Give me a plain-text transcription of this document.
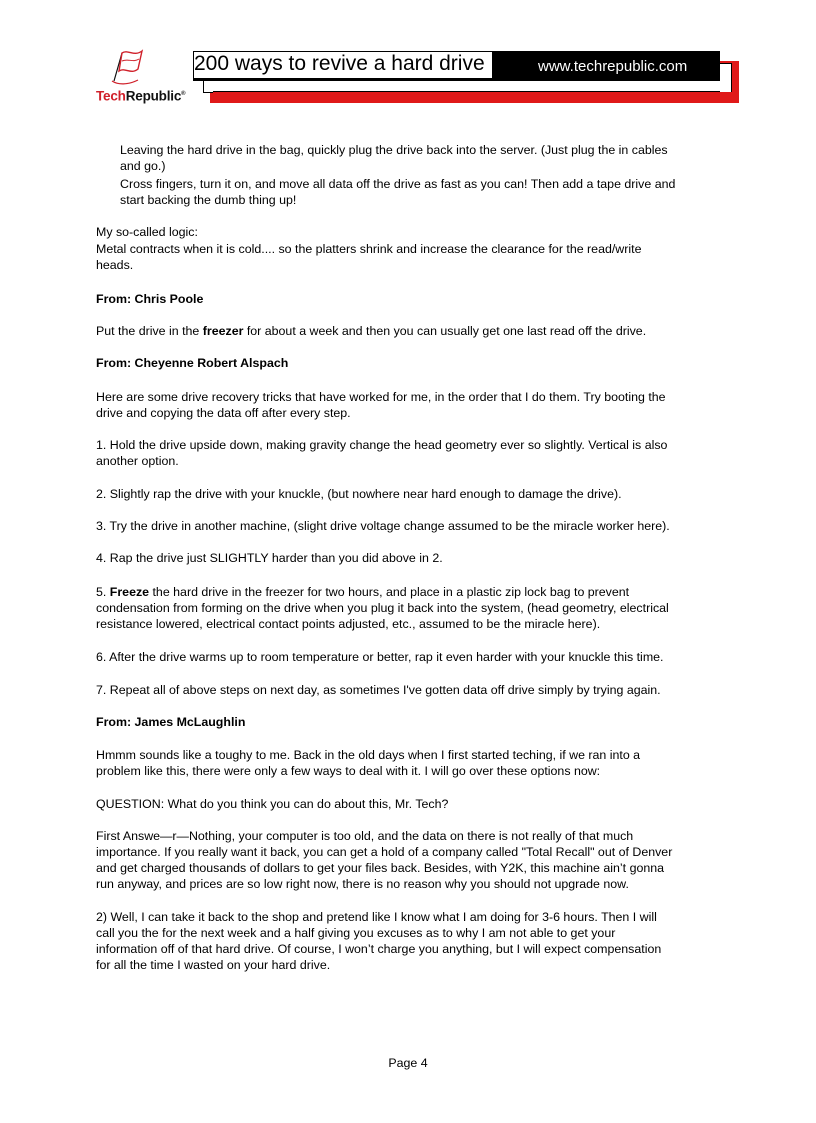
TechRepublic®
200 ways to revive a hard drive	www.techrepublic.com
Leaving the hard drive in the bag, quickly plug the drive back into the server. (Just plug the in cables
and go.)
Cross fingers, turn it on, and move all data off the drive as fast as you can! Then add a tape drive and
start backing the dumb thing up!
My so-called logic:
Metal contracts when it is cold.... so the platters shrink and increase the clearance for the read/write
heads.
From: Chris Poole
Put the drive in the freezer for about a week and then you can usually get one last read off the drive.
From: Cheyenne Robert Alspach
Here are some drive recovery tricks that have worked for me, in the order that I do them. Try booting the
drive and copying the data off after every step.
1. Hold the drive upside down, making gravity change the head geometry ever so slightly. Vertical is also
another option.
2. Slightly rap the drive with your knuckle, (but nowhere near hard enough to damage the drive).
3. Try the drive in another machine, (slight drive voltage change assumed to be the miracle worker here).
4. Rap the drive just SLIGHTLY harder than you did above in 2.
5. Freeze the hard drive in the freezer for two hours, and place in a plastic zip lock bag to prevent
condensation from forming on the drive when you plug it back into the system, (head geometry, electrical
resistance lowered, electrical contact points adjusted, etc., assumed to be the miracle here).
6. After the drive warms up to room temperature or better, rap it even harder with your knuckle this time.
7. Repeat all of above steps on next day, as sometimes I've gotten data off drive simply by trying again.
From: James McLaughlin
Hmmm sounds like a toughy to me. Back in the old days when I first started teching, if we ran into a
problem like this, there were only a few ways to deal with it. I will go over these options now:
QUESTION: What do you think you can do about this, Mr. Tech?
First Answe—r—Nothing, your computer is too old, and the data on there is not really of that much
importance. If you really want it back, you can get a hold of a company called "Total Recall" out of Denver
and get charged thousands of dollars to get your files back. Besides, with Y2K, this machine ain’t gonna
run anyway, and prices are so low right now, there is no reason why you should not upgrade now.
2) Well, I can take it back to the shop and pretend like I know what I am doing for 3-6 hours. Then I will
call you the for the next week and a half giving you excuses as to why I am not able to get your
information off of that hard drive. Of course, I won’t charge you anything, but I will expect compensation
for all the time I wasted on your hard drive.
Page 4
